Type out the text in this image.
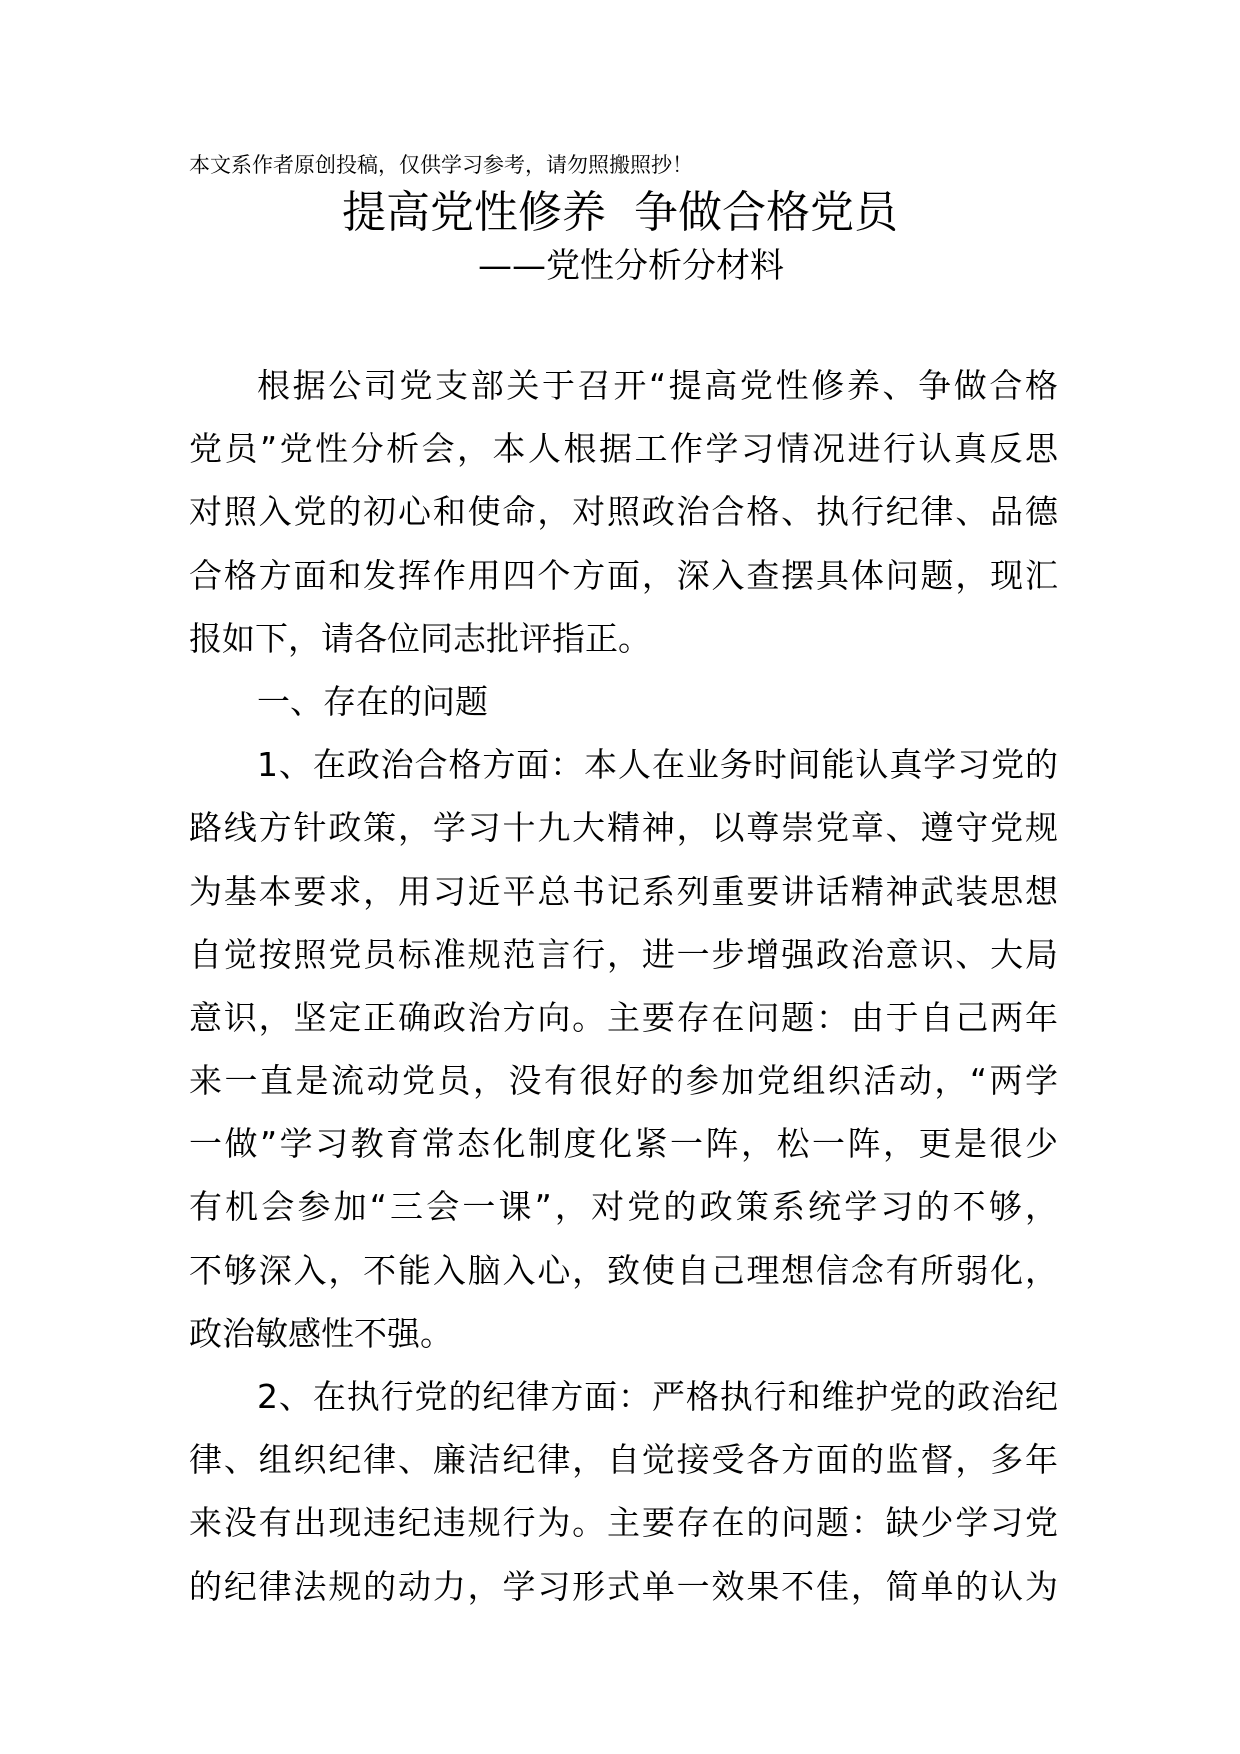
本文系作者原创投稿，仅供学习参考，请勿照搬照抄！
提高党性修养  争做合格党员
——党性分析分材料
根据公司党支部关于召开“提高党性修养、争做合格
党员”党性分析会，本人根据工作学习情况进行认真反思
对照入党的初心和使命，对照政治合格、执行纪律、品德
合格方面和发挥作用四个方面，深入查摆具体问题，现汇
报如下，请各位同志批评指正。
一、存在的问题
1、在政治合格方面：本人在业务时间能认真学习党的
路线方针政策，学习十九大精神，以尊崇党章、遵守党规
为基本要求，用习近平总书记系列重要讲话精神武装思想
自觉按照党员标准规范言行，进一步增强政治意识、大局
意识，坚定正确政治方向。主要存在问题：由于自己两年
来一直是流动党员，没有很好的参加党组织活动，“两学
一做”学习教育常态化制度化紧一阵，松一阵，更是很少
有机会参加“三会一课”，对党的政策系统学习的不够，
不够深入，不能入脑入心，致使自己理想信念有所弱化，
政治敏感性不强。
2、在执行党的纪律方面：严格执行和维护党的政治纪
律、组织纪律、廉洁纪律，自觉接受各方面的监督，多年
来没有出现违纪违规行为。主要存在的问题：缺少学习党
的纪律法规的动力，学习形式单一效果不佳，简单的认为
